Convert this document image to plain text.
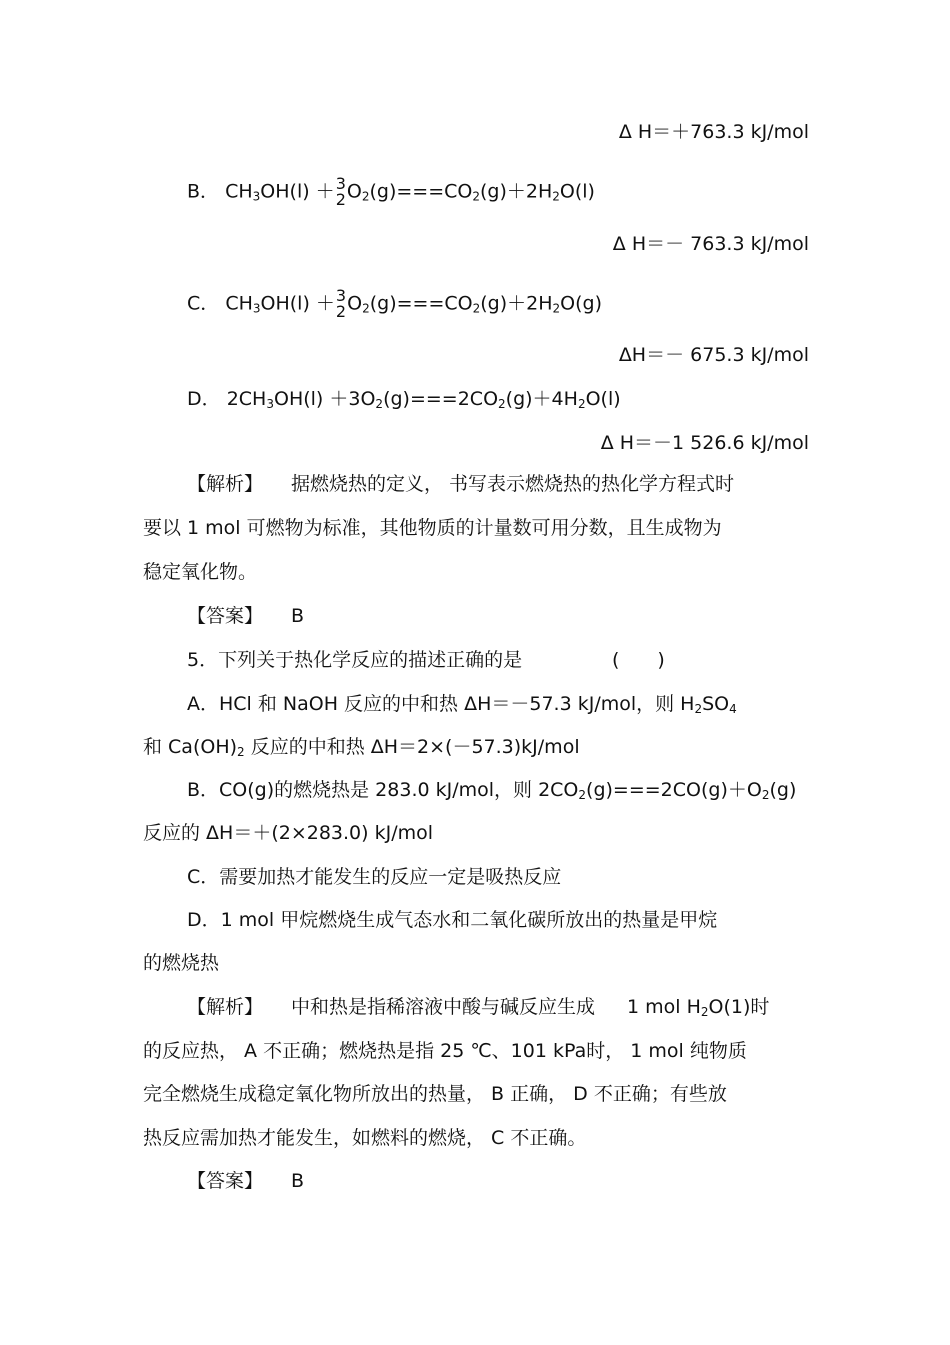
Δ H＝＋763.3 kJ/mol
B． $CH_3OH(l) + 3$
2 $O_2(g)===CO_2(g)+2H_2O(l)$
Δ H＝－ 763.3 kJ/mol
C． $CH_3OH(l) + 3$
2 $O_2(g)===CO_2(g)+2H_2O(g)$
ΔH＝－ 675.3 kJ/mol
D． $2CH_3OH(l) +3O_2(g)===2CO_2(g)+4H_2O(l)$
Δ H＝－1 526.6 kJ/mol
【解析】 据燃烧热的定义， 书写表示燃烧热的热化学方程式时
要以 1 mol 可燃物为标准，其他物质的计量数可用分数，且生成物为
稳定氧化物。
【答案】 B
5．下列关于热化学反应的描述正确的是	(　　)
A．HCl 和 NaOH 反应的中和热 ΔH＝－57.3 kJ/mol，则 $H_2SO_4$
和 $Ca(OH)_2$ 反应的中和热 ΔH＝2×(－57.3)kJ/mol
B．CO(g)的燃烧热是 283.0 kJ/mol，则 $2CO_2(g)===2CO(g)+O_2(g)$
反应的 ΔH＝＋(2×283.0) kJ/mol
C．需要加热才能发生的反应一定是吸热反应
D．1 mol 甲烷燃烧生成气态水和二氧化碳所放出的热量是甲烷
的燃烧热
【解析】 中和热是指稀溶液中酸与碱反应生成 1 mol $H_2O(1)$时
的反应热， A 不正确；燃烧热是指 25 ℃、101 kPa时， 1 mol 纯物质
完全燃烧生成稳定氧化物所放出的热量， B 正确， D 不正确；有些放
热反应需加热才能发生，如燃料的燃烧， C 不正确。
【答案】 B
